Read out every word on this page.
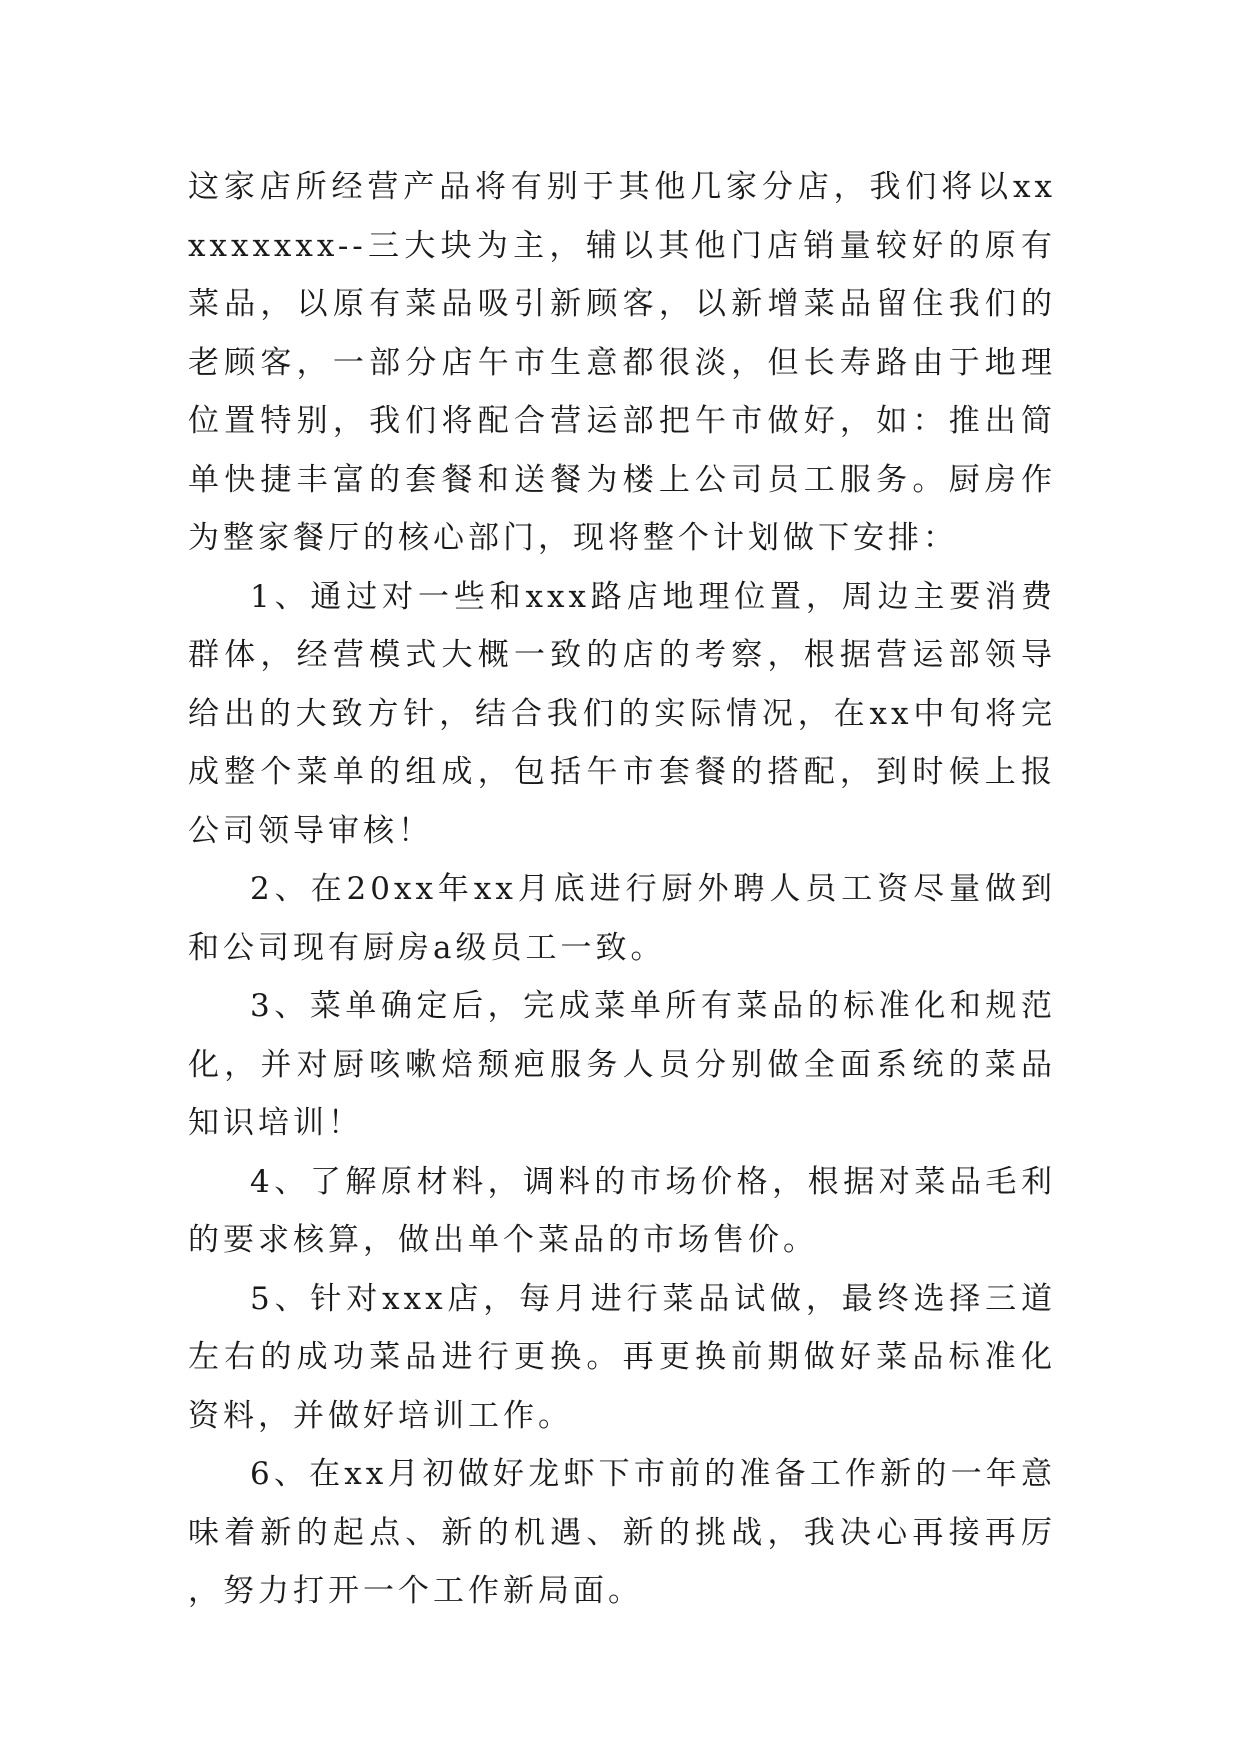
这家店所经营产品将有别于其他几家分店，我们将以xxxxxxxxx--三大块为主，辅以其他门店销量较好的原有菜品，以原有菜品吸引新顾客，以新增菜品留住我们的老顾客，一部分店午市生意都很淡，但长寿路由于地理位置特别，我们将配合营运部把午市做好，如：推出简单快捷丰富的套餐和送餐为楼上公司员工服务。厨房作为整家餐厅的核心部门，现将整个计划做下安排：

1、通过对一些和xxx路店地理位置，周边主要消费群体，经营模式大概一致的店的考察，根据营运部领导给出的大致方针，结合我们的实际情况，在xx中旬将完成整个菜单的组成，包括午市套餐的搭配，到时候上报公司领导审核！

2、在20xx年xx月底进行厨外聘人员工资尽量做到和公司现有厨房a级员工一致。

3、菜单确定后，完成菜单所有菜品的标准化和规范化，并对厨咳嗽焙颓疤服务人员分别做全面系统的菜品知识培训！

4、了解原材料，调料的市场价格，根据对菜品毛利的要求核算，做出单个菜品的市场售价。

5、针对xxx店，每月进行菜品试做，最终选择三道左右的成功菜品进行更换。再更换前期做好菜品标准化资料，并做好培训工作。

6、在xx月初做好龙虾下市前的准备工作新的一年意味着新的起点、新的机遇、新的挑战，我决心再接再厉，努力打开一个工作新局面。
